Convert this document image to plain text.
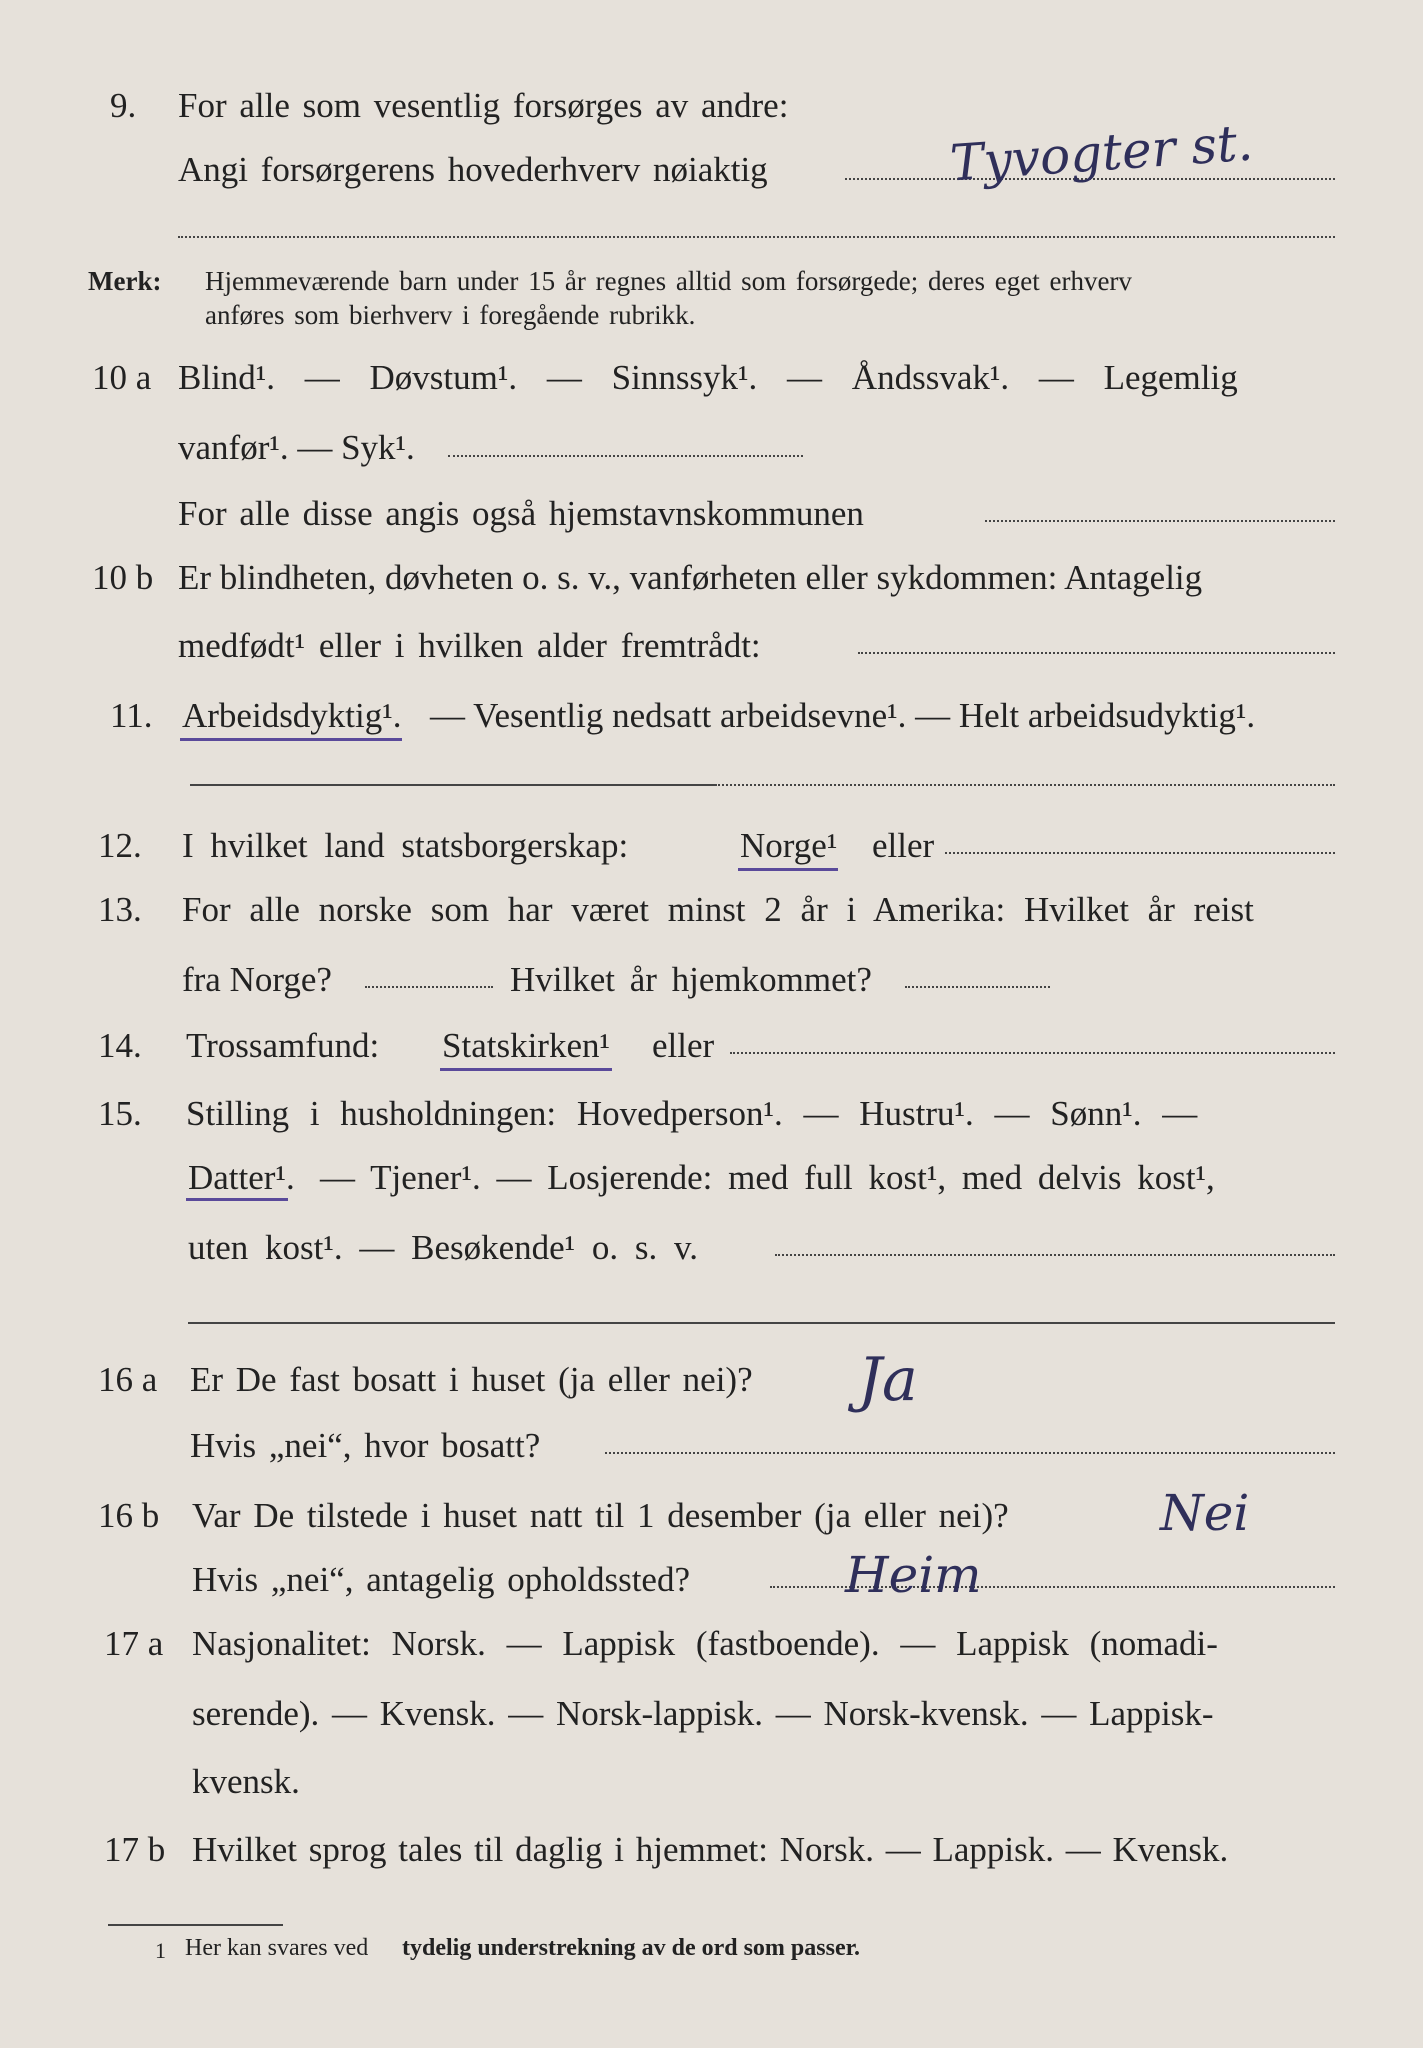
9. For alle som vesentlig forsørges av andre:
Angi forsørgerens hovederhverv nøiaktig	Tyvogter st.
Merk: Hjemmeværende barn under 15 år regnes alltid som forsørgede; deres eget erhverv
anføres som bierhverv i foregående rubrikk.
10 a Blind¹. — Døvstum¹. — Sinnssyk¹. — Åndssvak¹. — Legemlig
vanfør¹. — Syk¹.
For alle disse angis også hjemstavnskommunen
10 b Er blindheten, døvheten o. s. v., vanførheten eller sykdommen: Antagelig
medfødt¹ eller i hvilken alder fremtrådt:
11. Arbeidsdyktig¹. — Vesentlig nedsatt arbeidsevne¹. — Helt arbeidsudyktig¹.
12. I hvilket land statsborgerskap:	Norge¹ eller
13. For alle norske som har været minst 2 år i Amerika: Hvilket år reist
fra Norge?	Hvilket år hjemkommet?
14. Trossamfund: Statskirken¹ eller
15. Stilling i husholdningen: Hovedperson¹. — Hustru¹. — Sønn¹. —
Datter¹. — Tjener¹. — Losjerende: med full kost¹, med delvis kost¹,
uten kost¹. — Besøkende¹ o. s. v.
16 a Er De fast bosatt i huset (ja eller nei)? Ja
Hvis „nei“, hvor bosatt?
16 b Var De tilstede i huset natt til 1 desember (ja eller nei)?	Nei
Hvis „nei“, antagelig opholdssted?	Heim
17 a Nasjonalitet: Norsk. — Lappisk (fastboende). — Lappisk (nomadi-
serende). — Kvensk. — Norsk-lappisk. — Norsk-kvensk. — Lappisk-
kvensk.
17 b Hvilket sprog tales til daglig i hjemmet: Norsk. — Lappisk. — Kvensk.
1 Her kan svares ved tydelig understrekning av de ord som passer.
